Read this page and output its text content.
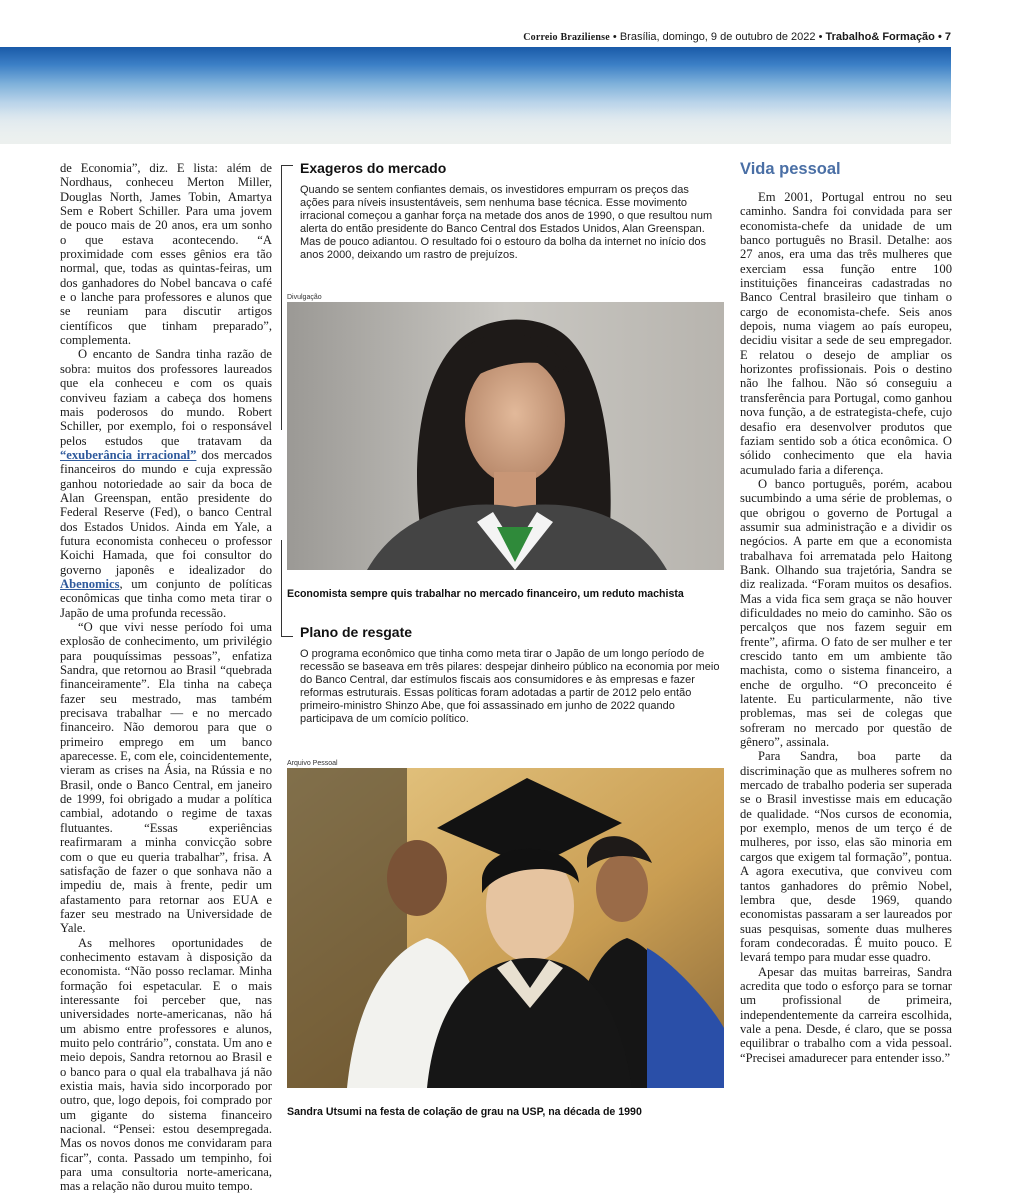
Correio Braziliense • Brasília, domingo, 9 de outubro de 2022 • Trabalho& Formação • 7

de Economia”, diz. E lista: além de Nordhaus, conheceu Merton Miller, Douglas North, James Tobin, Amartya Sem e Robert Schiller. Para uma jovem de pouco mais de 20 anos, era um sonho o que estava acontecendo. “A proximidade com esses gênios era tão normal, que, todas as quintas-feiras, um dos ganhadores do Nobel bancava o café e o lanche para professores e alunos que se reuniam para discutir artigos científicos que tinham preparado”, complementa.

O encanto de Sandra tinha razão de sobra: muitos dos professores laureados que ela conheceu e com os quais conviveu faziam a cabeça dos homens mais poderosos do mundo. Robert Schiller, por exemplo, foi o responsável pelos estudos que tratavam da “exuberância irracional” dos mercados financeiros do mundo e cuja expressão ganhou notoriedade ao sair da boca de Alan Greenspan, então presidente do Federal Reserve (Fed), o banco Central dos Estados Unidos. Ainda em Yale, a futura economista conheceu o professor Koichi Hamada, que foi consultor do governo japonês e idealizador do Abenomics, um conjunto de políticas econômicas que tinha como meta tirar o Japão de uma profunda recessão.

“O que vivi nesse período foi uma explosão de conhecimento, um privilégio para pouquíssimas pessoas”, enfatiza Sandra, que retornou ao Brasil “quebrada financeiramente”. Ela tinha na cabeça fazer seu mestrado, mas também precisava trabalhar — e no mercado financeiro. Não demorou para que o primeiro emprego em um banco aparecesse. E, com ele, coincidentemente, vieram as crises na Ásia, na Rússia e no Brasil, onde o Banco Central, em janeiro de 1999, foi obrigado a mudar a política cambial, adotando o regime de taxas flutuantes. “Essas experiências reafirmaram a minha convicção sobre com o que eu queria trabalhar”, frisa. A satisfação de fazer o que sonhava não a impediu de, mais à frente, pedir um afastamento para retornar aos EUA e fazer seu mestrado na Universidade de Yale.

As melhores oportunidades de conhecimento estavam à disposição da economista. “Não posso reclamar. Minha formação foi espetacular. E o mais interessante foi perceber que, nas universidades norte-americanas, não há um abismo entre professores e alunos, muito pelo contrário”, constata. Um ano e meio depois, Sandra retornou ao Brasil e o banco para o qual ela trabalhava já não existia mais, havia sido incorporado por outro, que, logo depois, foi comprado por um gigante do sistema financeiro nacional. “Pensei: estou desempregada. Mas os novos donos me convidaram para ficar”, conta. Passado um tempinho, foi para uma consultoria norte-americana, mas a relação não durou muito tempo.

Exageros do mercado
Quando se sentem confiantes demais, os investidores empurram os preços das ações para níveis insustentáveis, sem nenhuma base técnica. Esse movimento irracional começou a ganhar força na metade dos anos de 1990, o que resultou num alerta do então presidente do Banco Central dos Estados Unidos, Alan Greenspan. Mas de pouco adiantou. O resultado foi o estouro da bolha da internet no início dos anos 2000, deixando um rastro de prejuízos.
Divulgação
Economista sempre quis trabalhar no mercado financeiro, um reduto machista
Plano de resgate
O programa econômico que tinha como meta tirar o Japão de um longo período de recessão se baseava em três pilares: despejar dinheiro público na economia por meio do Banco Central, dar estímulos fiscais aos consumidores e às empresas e fazer reformas estruturais. Essas políticas foram adotadas a partir de 2012 pelo então primeiro-ministro Shinzo Abe, que foi assassinado em junho de 2022 quando participava de um comício político.
Arquivo Pessoal
Sandra Utsumi na festa de colação de grau na USP, na década de 1990
Vida pessoal

Em 2001, Portugal entrou no seu caminho. Sandra foi convidada para ser economista-chefe da unidade de um banco português no Brasil. Detalhe: aos 27 anos, era uma das três mulheres que exerciam essa função entre 100 instituições financeiras cadastradas no Banco Central brasileiro que tinham o cargo de economista-chefe. Seis anos depois, numa viagem ao país europeu, decidiu visitar a sede de seu empregador. E relatou o desejo de ampliar os horizontes profissionais. Pois o destino não lhe falhou. Não só conseguiu a transferência para Portugal, como ganhou nova função, a de estrategista-chefe, cujo desafio era desenvolver produtos que faziam sentido sob a ótica econômica. O sólido conhecimento que ela havia acumulado faria a diferença.

O banco português, porém, acabou sucumbindo a uma série de problemas, o que obrigou o governo de Portugal a assumir sua administração e a dividir os negócios. A parte em que a economista trabalhava foi arrematada pelo Haitong Bank. Olhando sua trajetória, Sandra se diz realizada. “Foram muitos os desafios. Mas a vida fica sem graça se não houver dificuldades no meio do caminho. São os percalços que nos fazem seguir em frente”, afirma. O fato de ser mulher e ter crescido tanto em um ambiente tão machista, como o sistema financeiro, a enche de orgulho. “O preconceito é latente. Eu particularmente, não tive problemas, mas sei de colegas que sofreram no mercado por questão de gênero”, assinala.

Para Sandra, boa parte da discriminação que as mulheres sofrem no mercado de trabalho poderia ser superada se o Brasil investisse mais em educação de qualidade. “Nos cursos de economia, por exemplo, menos de um terço é de mulheres, por isso, elas são minoria em cargos que exigem tal formação”, pontua. A agora executiva, que conviveu com tantos ganhadores do prêmio Nobel, lembra que, desde 1969, quando economistas passaram a ser laureados por suas pesquisas, somente duas mulheres foram condecoradas. É muito pouco. E levará tempo para mudar esse quadro.

Apesar das muitas barreiras, Sandra acredita que todo o esforço para se tornar um profissional de primeira, independentemente da carreira escolhida, vale a pena. Desde, é claro, que se possa equilibrar o trabalho com a vida pessoal. “Precisei amadurecer para entender isso.”
